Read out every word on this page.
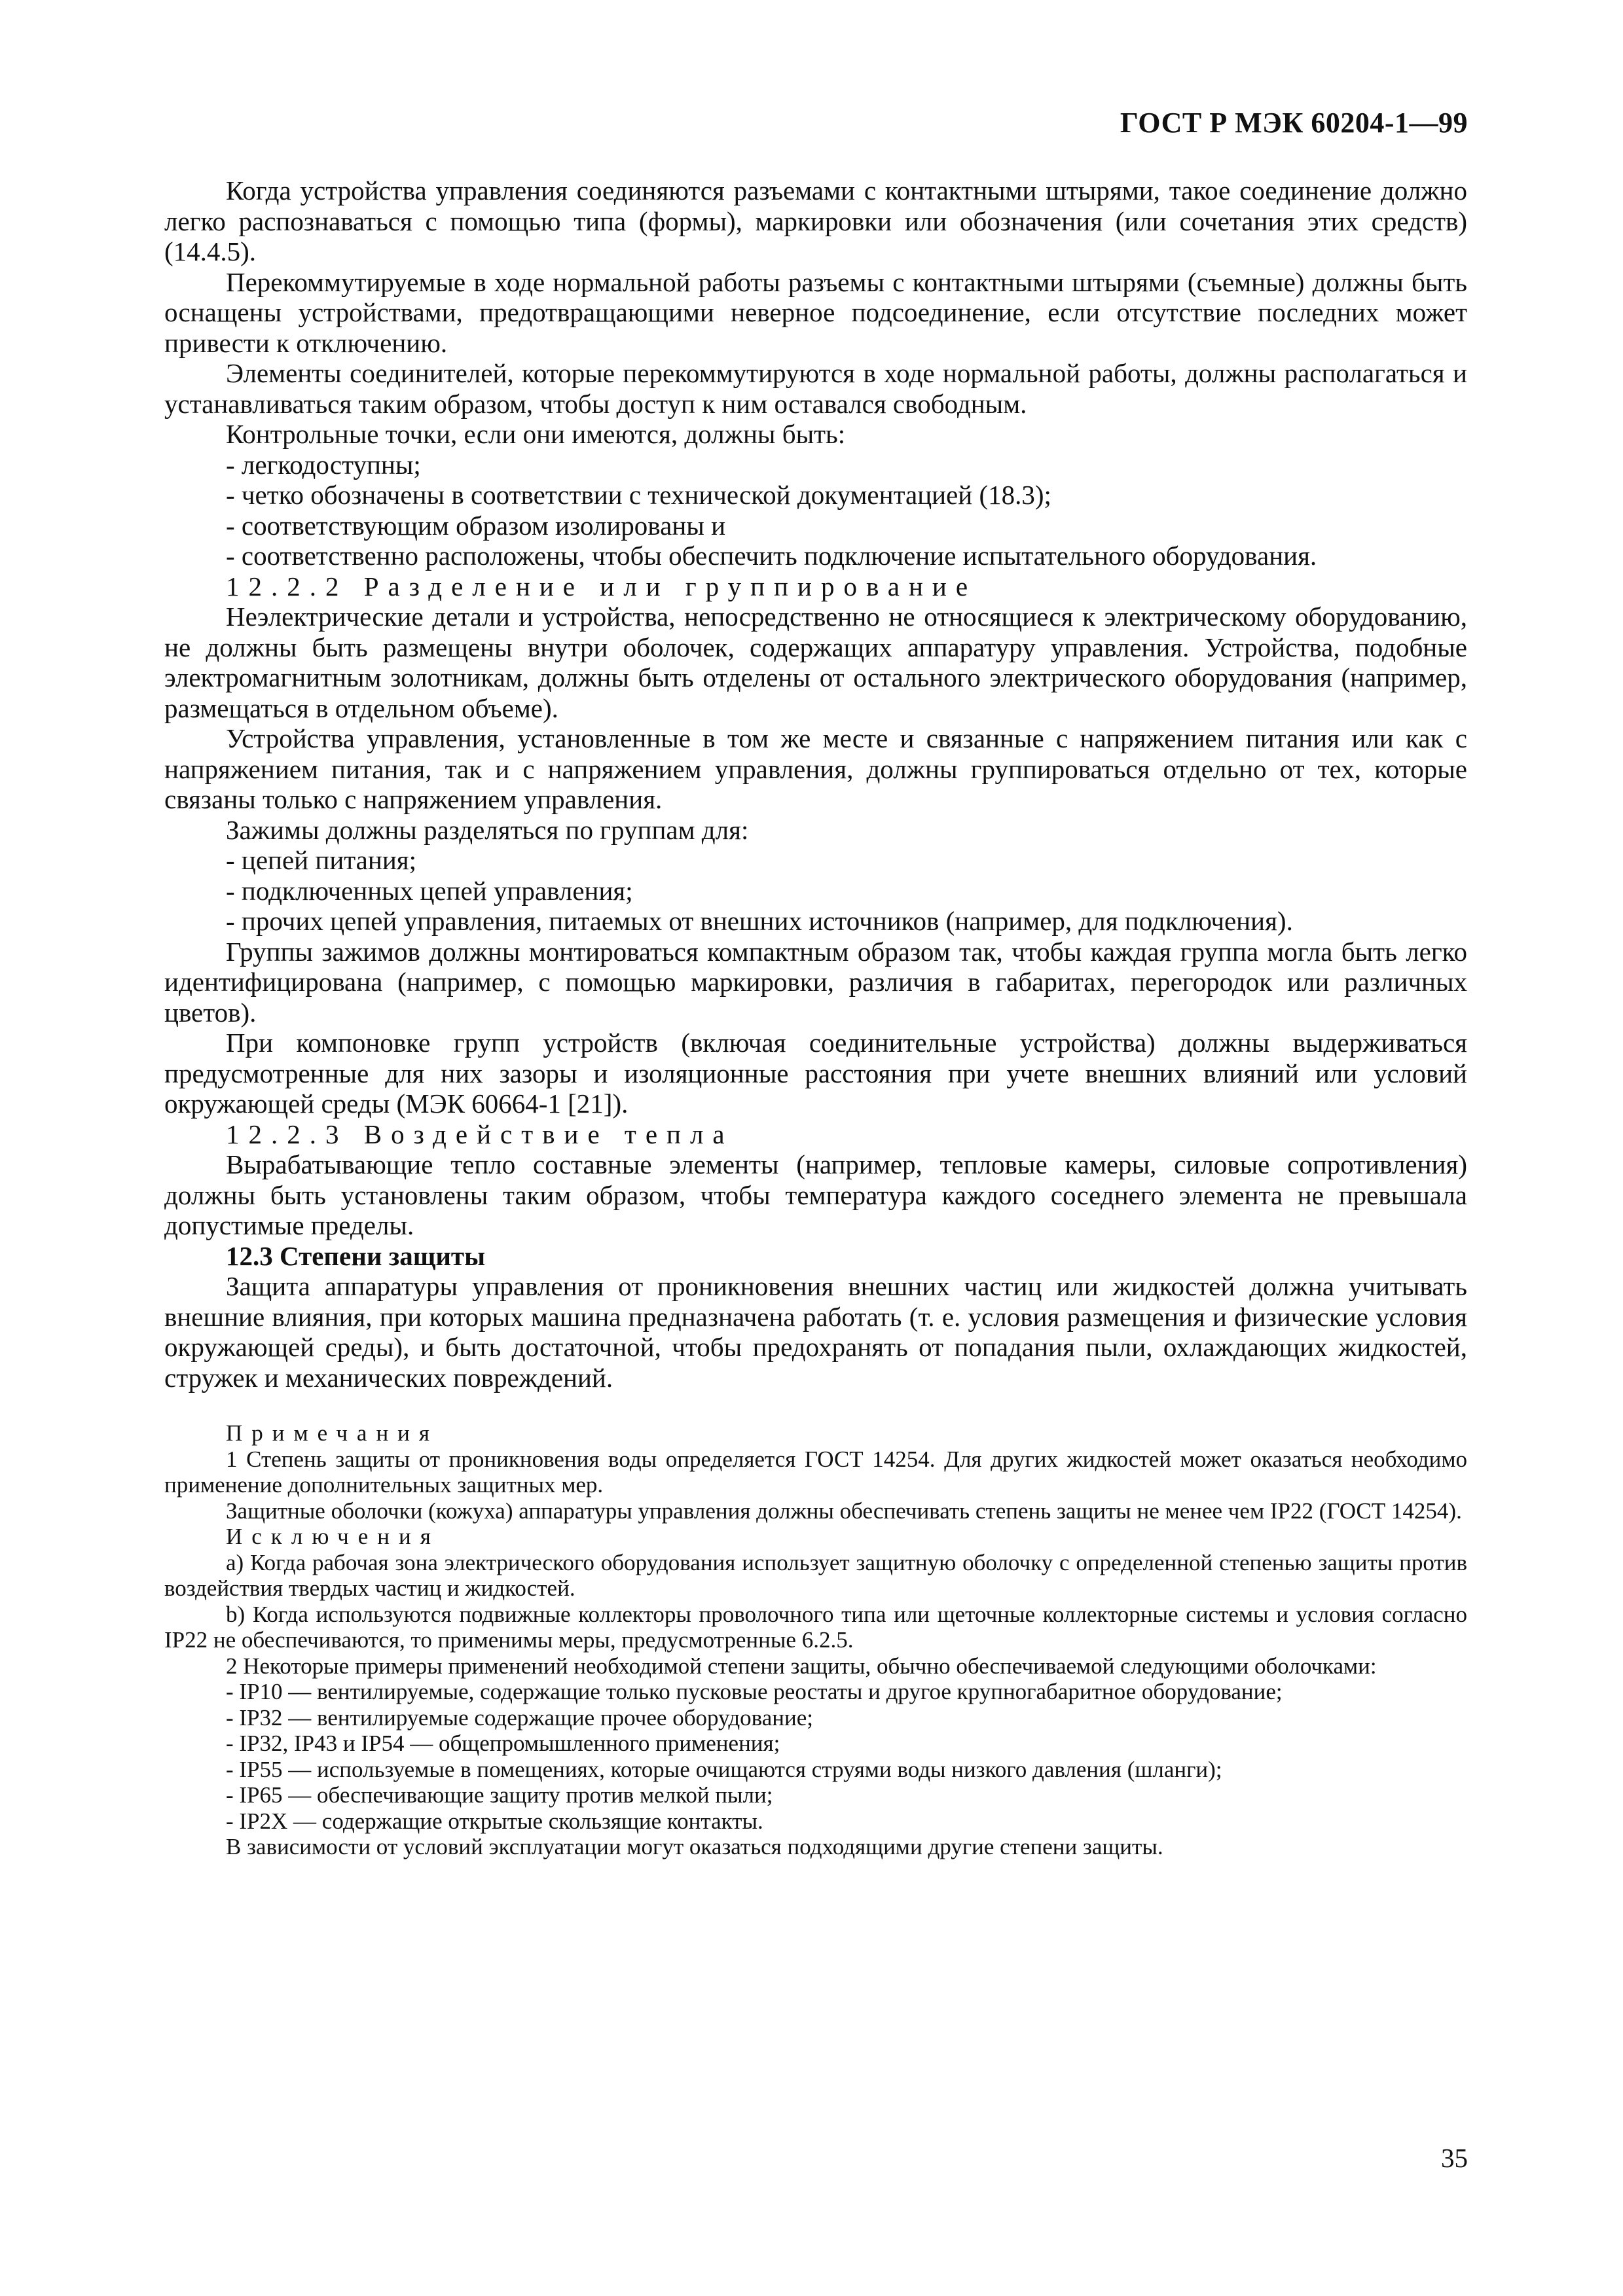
ГОСТ Р МЭК 60204-1—99

Когда устройства управления соединяются разъемами с контактными штырями, такое соединение должно легко распознаваться с помощью типа (формы), маркировки или обозначения (или сочетания этих средств) (14.4.5).

Перекоммутируемые в ходе нормальной работы разъемы с контактными штырями (съемные) должны быть оснащены устройствами, предотвращающими неверное подсоединение, если отсутствие последних может привести к отключению.

Элементы соединителей, которые перекоммутируются в ходе нормальной работы, должны располагаться и устанавливаться таким образом, чтобы доступ к ним оставался свободным.

Контрольные точки, если они имеются, должны быть:

- легкодоступны;

- четко обозначены в соответствии с технической документацией (18.3);

- соответствующим образом изолированы и

- соответственно расположены, чтобы обеспечить подключение испытательного оборудования.

12.2.2 Разделение или группирование

Неэлектрические детали и устройства, непосредственно не относящиеся к электрическому оборудованию, не должны быть размещены внутри оболочек, содержащих аппаратуру управления. Устройства, подобные электромагнитным золотникам, должны быть отделены от остального электрического оборудования (например, размещаться в отдельном объеме).

Устройства управления, установленные в том же месте и связанные с напряжением питания или как с напряжением питания, так и с напряжением управления, должны группироваться отдельно от тех, которые связаны только с напряжением управления.

Зажимы должны разделяться по группам для:

- цепей питания;

- подключенных цепей управления;

- прочих цепей управления, питаемых от внешних источников (например, для подключения).

Группы зажимов должны монтироваться компактным образом так, чтобы каждая группа могла быть легко идентифицирована (например, с помощью маркировки, различия в габаритах, перегородок или различных цветов).

При компоновке групп устройств (включая соединительные устройства) должны выдерживаться предусмотренные для них зазоры и изоляционные расстояния при учете внешних влияний или условий окружающей среды (МЭК 60664-1 [21]).

12.2.3 Воздействие тепла

Вырабатывающие тепло составные элементы (например, тепловые камеры, силовые сопротивления) должны быть установлены таким образом, чтобы температура каждого соседнего элемента не превышала допустимые пределы.

12.3 Степени защиты

Защита аппаратуры управления от проникновения внешних частиц или жидкостей должна учитывать внешние влияния, при которых машина предназначена работать (т. е. условия размещения и физические условия окружающей среды), и быть достаточной, чтобы предохранять от попадания пыли, охлаждающих жидкостей, стружек и механических повреждений.

Примечания

1 Степень защиты от проникновения воды определяется ГОСТ 14254. Для других жидкостей может оказаться необходимо применение дополнительных защитных мер.

Защитные оболочки (кожуха) аппаратуры управления должны обеспечивать степень защиты не менее чем IP22 (ГОСТ 14254).

Исключения

а) Когда рабочая зона электрического оборудования использует защитную оболочку с определенной степенью защиты против воздействия твердых частиц и жидкостей.

b) Когда используются подвижные коллекторы проволочного типа или щеточные коллекторные системы и условия согласно IP22 не обеспечиваются, то применимы меры, предусмотренные 6.2.5.

2 Некоторые примеры применений необходимой степени защиты, обычно обеспечиваемой следующими оболочками:

- IP10 — вентилируемые, содержащие только пусковые реостаты и другое крупногабаритное оборудование;

- IP32 — вентилируемые содержащие прочее оборудование;

- IP32, IP43 и IP54 — общепромышленного применения;

- IP55 — используемые в помещениях, которые очищаются струями воды низкого давления (шланги);

- IP65 — обеспечивающие защиту против мелкой пыли;

- IP2X — содержащие открытые скользящие контакты.

В зависимости от условий эксплуатации могут оказаться подходящими другие степени защиты.

35
